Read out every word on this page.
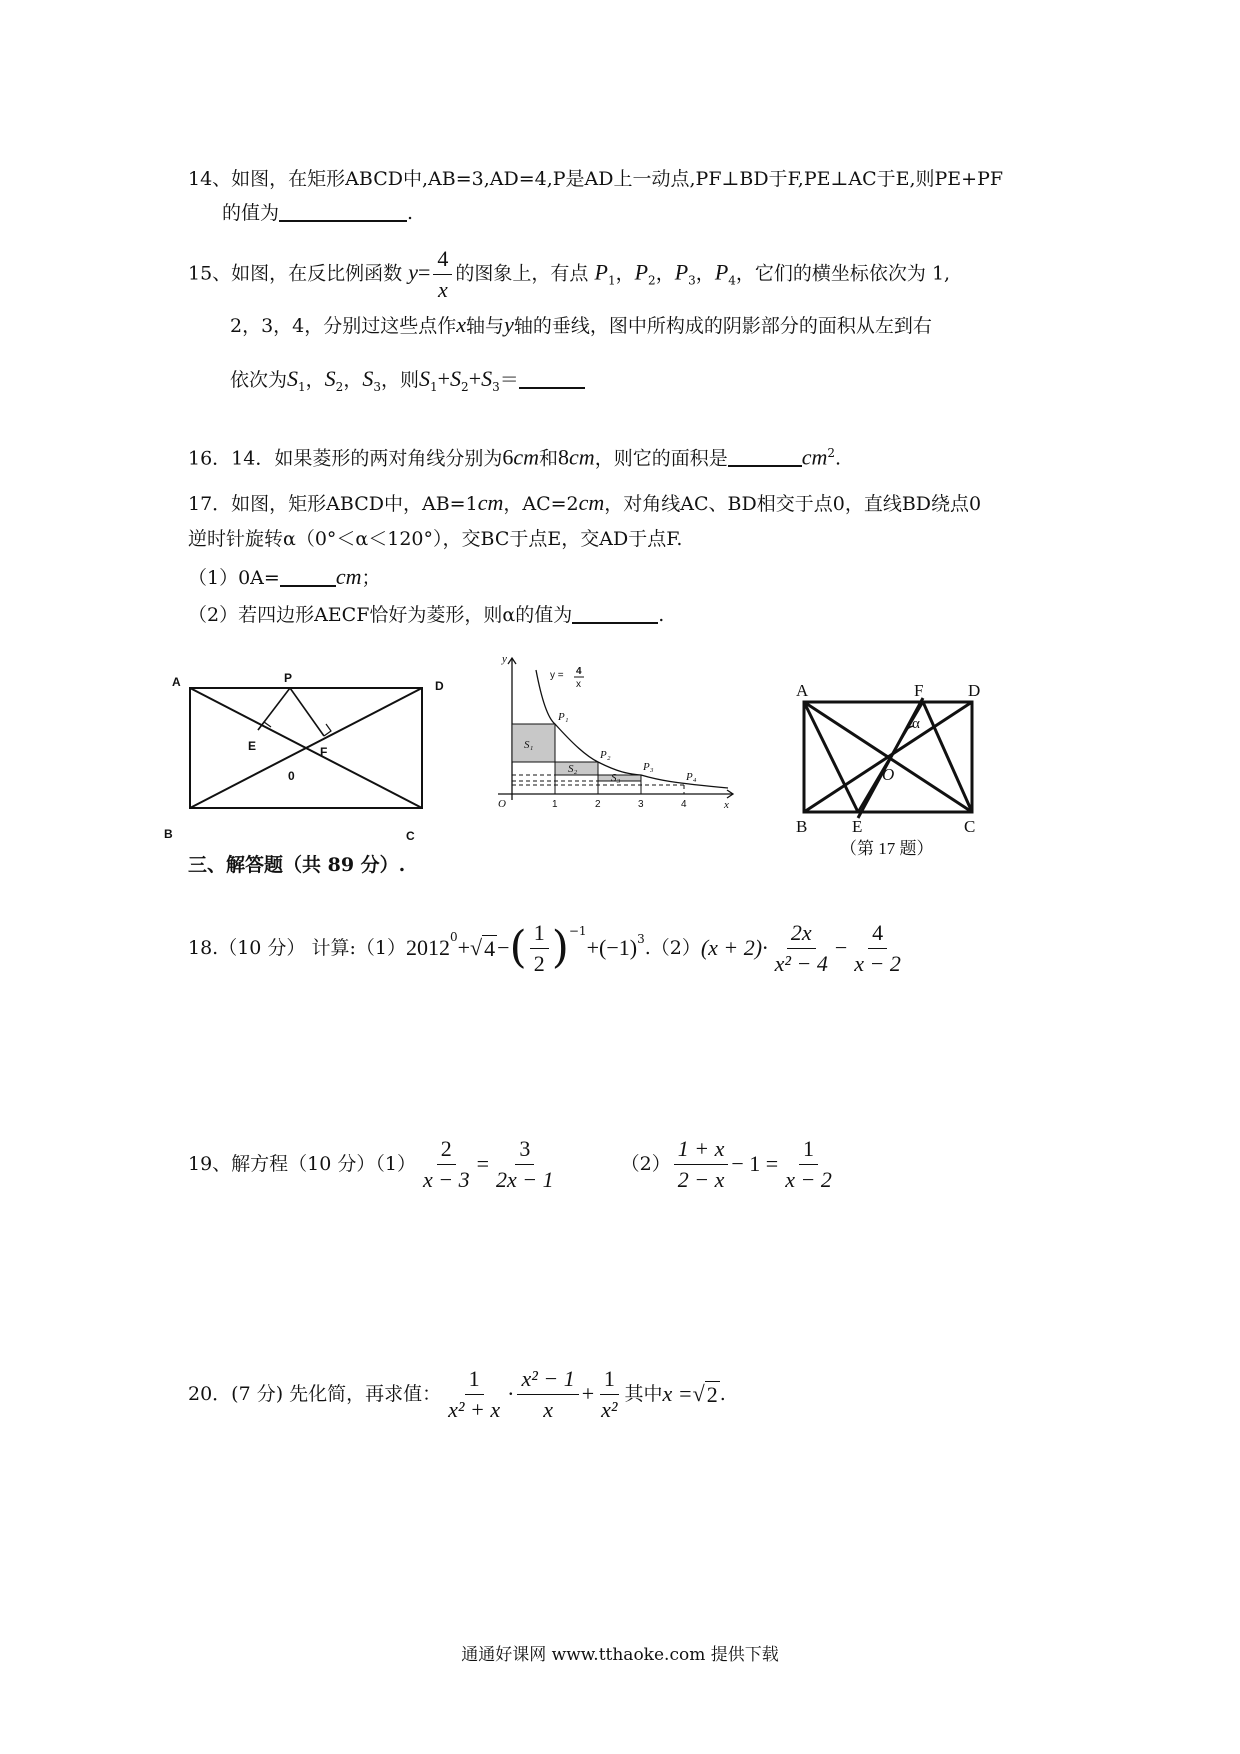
14、如图，在矩形ABCD中,AB=3,AD=4,P是AD上一动点,PF⊥BD于F,PE⊥AC于E,则PE+PF
的值为	.
15、如图，在反比例函数 $y= \frac{4}{x}$ 的图象上，有点 $P_1$，$P_2$，$P_3$，$P_4$，它们的横坐标依次为 1,
2，3，4，分别过这些点作x轴与y轴的垂线，图中所构成的阴影部分的面积从左到右
依次为$S_1$，$S_2$，$S_3$，则$S_1+S_2+S_3=$
16．14．如果菱形的两对角线分别为6cm和8cm，则它的面积是	$cm^2$.
17．如图，矩形ABCD中，AB=1cm，AC=2cm，对角线AC、BD相交于点0，直线BD绕点0
逆时针旋转α（0°＜α＜120°），交BC于点E，交AD于点F.
（1）0A=	cm；
（2）若四边形AECF恰好为菱形，则α的值为	.
A	P
D
E	F
0
B	C
y
x
O
P₁
P₂
P₃
P₄
S₁
S₂
S₃
1	2	3	4
y = 4
x	A	F	D
α
O
B	E	C
（第 17 题）
三、解答题（共 89 分）.
18.（10 分） 计算:（1） $2012^0$ + √ 4 − ( $\frac{1}{2} )^{-1}$
+ $(-1)^3$ . （2） $(x + 2)\cdot \frac{2x}{\text{x² − 4}} - \frac{4}{x - 2}$
19、解方程（10 分）$(1) \frac{2}{x - 3} = \frac{3}{2x - 1}$	$(2) \frac{1 + x}{2 - x} - 1 = \frac{1}{x - 2}$
20．(7 分) 先化简，再求值： $\frac{1}{\text{x² + x}} \cdot \frac{\text{x² − 1}}{x} + \frac{1}{\text{x²}}$ 其中 x = √ 2 .
通通好课网 www.tthaoke.com 提供下载
